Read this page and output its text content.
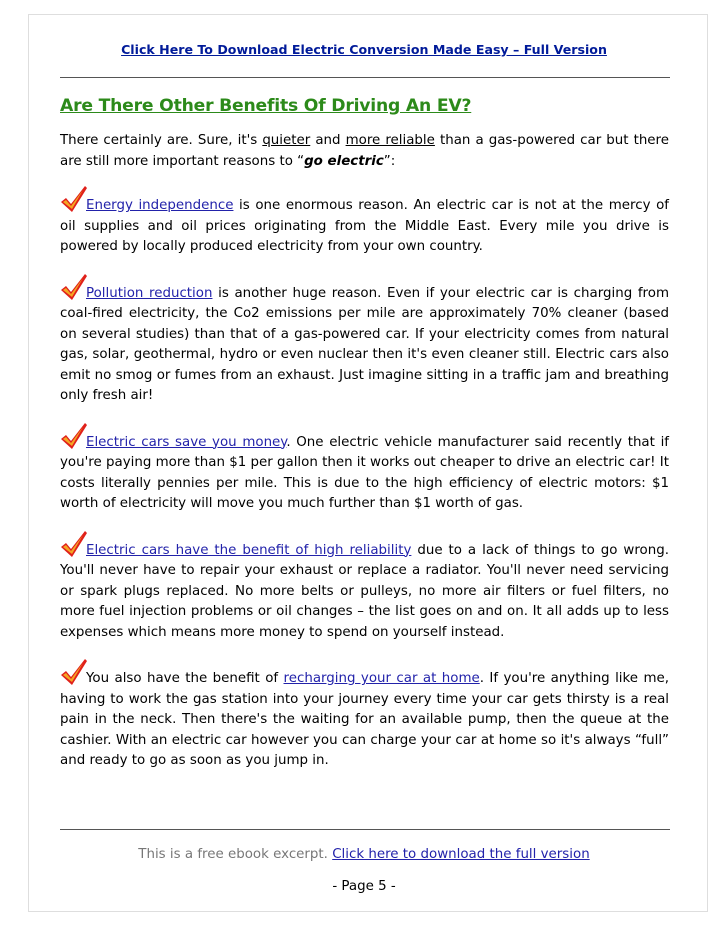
Click Here To Download Electric Conversion Made Easy – Full Version
Are There Other Benefits Of Driving An EV?

There certainly are. Sure, it's quieter and more reliable than a gas-powered car but there are still more important reasons to “go electric”:

Energy independence is one enormous reason. An electric car is not at the mercy of oil supplies and oil prices originating from the Middle East. Every mile you drive is powered by locally produced electricity from your own country.

Pollution reduction is another huge reason. Even if your electric car is charging from coal-fired electricity, the Co2 emissions per mile are approximately 70% cleaner (based on several studies) than that of a gas-powered car. If your electricity comes from natural gas, solar, geothermal, hydro or even nuclear then it's even cleaner still. Electric cars also emit no smog or fumes from an exhaust. Just imagine sitting in a traffic jam and breathing only fresh air!

Electric cars save you money. One electric vehicle manufacturer said recently that if you're paying more than $1 per gallon then it works out cheaper to drive an electric car! It costs literally pennies per mile. This is due to the high efficiency of electric motors: $1 worth of electricity will move you much further than $1 worth of gas.

Electric cars have the benefit of high reliability due to a lack of things to go wrong. You'll never have to repair your exhaust or replace a radiator. You'll never need servicing or spark plugs replaced. No more belts or pulleys, no more air filters or fuel filters, no more fuel injection problems or oil changes – the list goes on and on. It all adds up to less expenses which means more money to spend on yourself instead.

You also have the benefit of recharging your car at home. If you're anything like me, having to work the gas station into your journey every time your car gets thirsty is a real pain in the neck. Then there's the waiting for an available pump, then the queue at the cashier. With an electric car however you can charge your car at home so it's always “full” and ready to go as soon as you jump in.

This is a free ebook excerpt. Click here to download the full version
- Page 5 -
